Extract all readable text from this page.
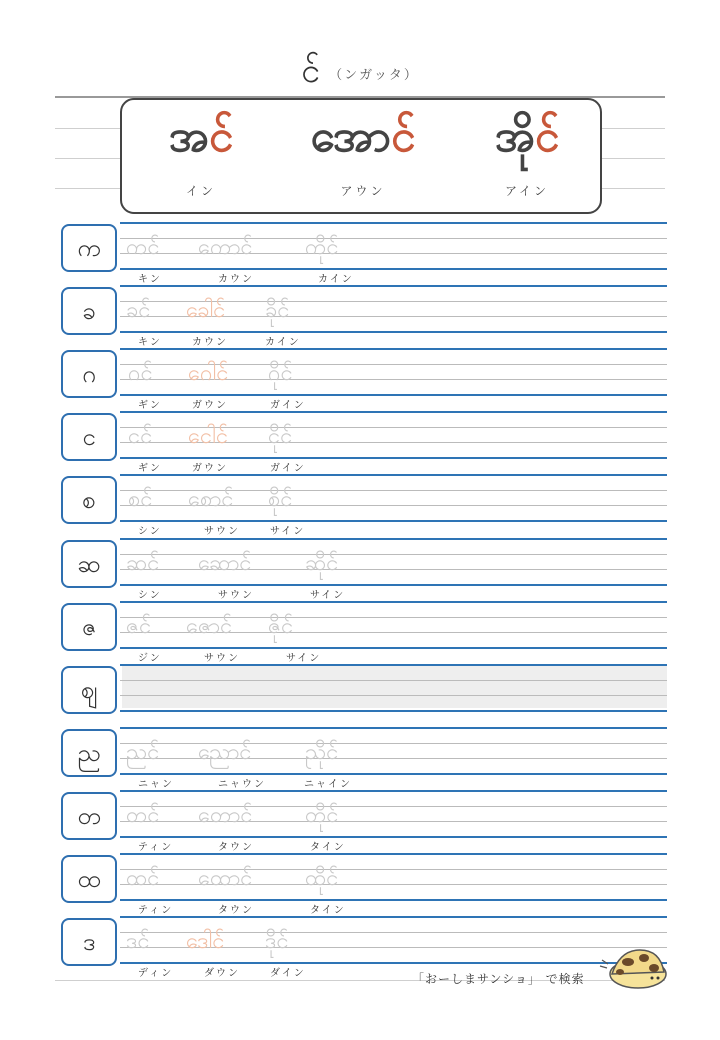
င် （ンガッタ）
အင်
イン
အောင်
アウン
အိုင်
アイン
က	ကင် ကောင် ကိုင်
キン	カウン	カイン
ခ	ခင် ခေါင် ခိုင်
キン	カウン	カイン
ဂ	ဂင် ဂေါင် ဂိုင်
ギン	ガウン	ガイン
င	ငင် ငေါင် ငိုင်
ギン	ガウン	ガイン
စ	စင် စောင် စိုင်
シン	サウン	サイン
ဆ	ဆင် ဆောင် ဆိုင်
シン	サウン	サイン
ဇ	ဇင် ဇောင် ဇိုင်
ジン	サウン	サイン
ဈ
ည	ညင် ညောင် ညိုင်
ニャン	ニャウン	ニャイン
တ	တင် တောင် တိုင်
ティン	タウン	タイン
ထ	ထင် ထောင် ထိုင်
ティン	タウン	タイン
ဒ	ဒင် ဒေါင် ဒိုင်
ディン	ダウン	ダイン	「おーしまサンショ」 で検索
